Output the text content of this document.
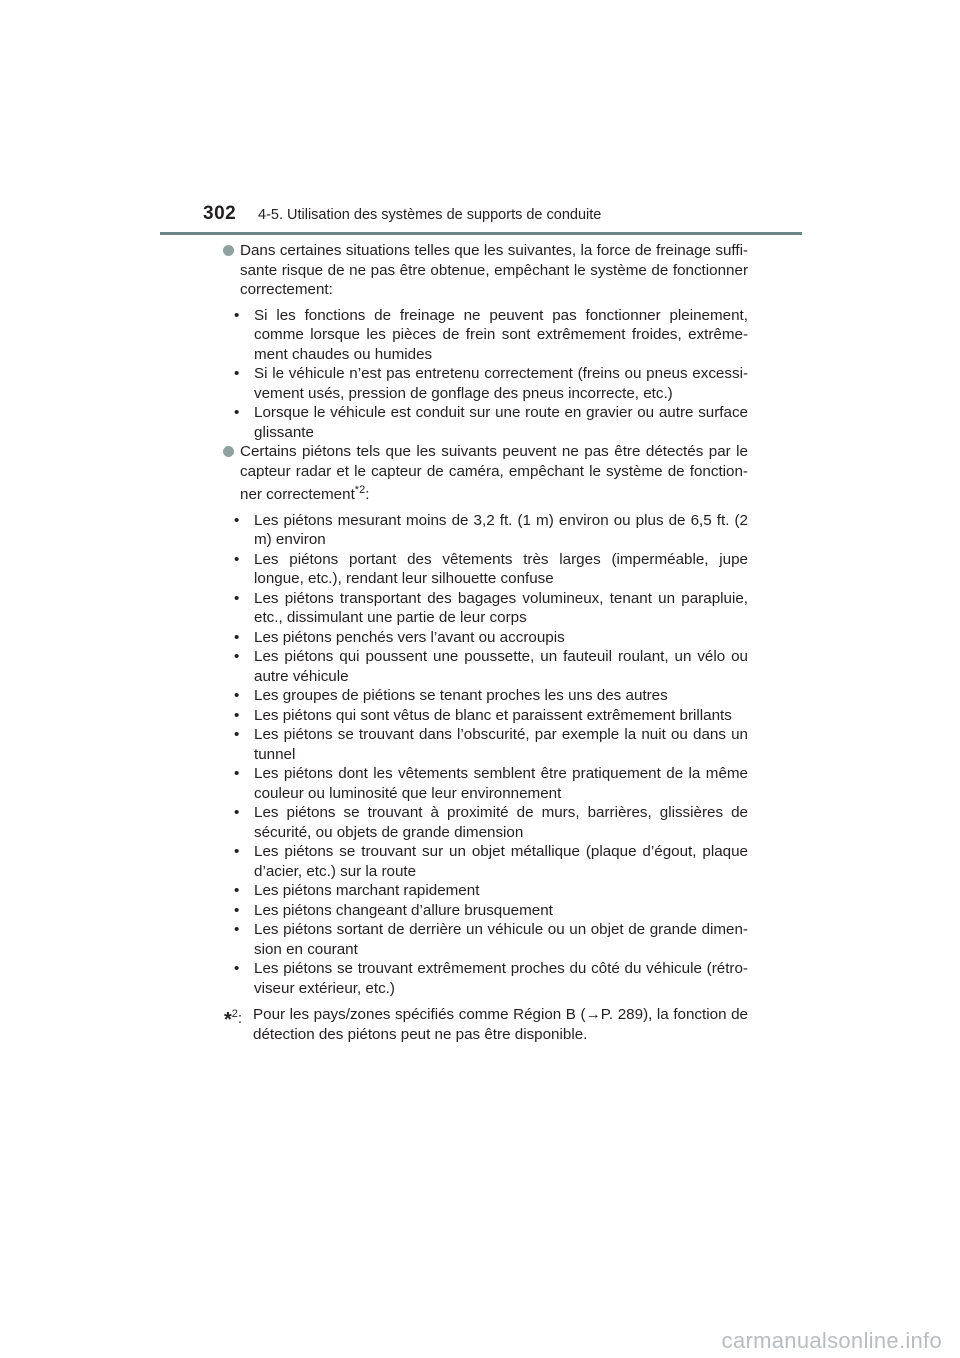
302 4-5. Utilisation des systèmes de supports de conduite

Dans certaines situations telles que les suivantes, la force de freinage suffi-sante risque de ne pas être obtenue, empêchant le système de fonctionner correctement:

• Si les fonctions de freinage ne peuvent pas fonctionner pleinement, comme lorsque les pièces de frein sont extrêmement froides, extrême-ment chaudes ou humides
• Si le véhicule n’est pas entretenu correctement (freins ou pneus excessi-vement usés, pression de gonflage des pneus incorrecte, etc.)
• Lorsque le véhicule est conduit sur une route en gravier ou autre surface glissante

Certains piétons tels que les suivants peuvent ne pas être détectés par le capteur radar et le capteur de caméra, empêchant le système de fonction-ner correctement$^{*2}$:

• Les piétons mesurant moins de 3,2 ft. (1 m) environ ou plus de 6,5 ft. (2 m) environ
• Les piétons portant des vêtements très larges (imperméable, jupe longue, etc.), rendant leur silhouette confuse
• Les piétons transportant des bagages volumineux, tenant un parapluie, etc., dissimulant une partie de leur corps
• Les piétons penchés vers l’avant ou accroupis
• Les piétons qui poussent une poussette, un fauteuil roulant, un vélo ou autre véhicule
• Les groupes de piétions se tenant proches les uns des autres
• Les piétons qui sont vêtus de blanc et paraissent extrêmement brillants
• Les piétons se trouvant dans l’obscurité, par exemple la nuit ou dans un tunnel
• Les piétons dont les vêtements semblent être pratiquement de la même couleur ou luminosité que leur environnement
• Les piétons se trouvant à proximité de murs, barrières, glissières de sécurité, ou objets de grande dimension
• Les piétons se trouvant sur un objet métallique (plaque d’égout, plaque d’acier, etc.) sur la route
• Les piétons marchant rapidement
• Les piétons changeant d’allure brusquement
• Les piétons sortant de derrière un véhicule ou un objet de grande dimen-sion en courant
• Les piétons se trouvant extrêmement proches du côté du véhicule (rétro-viseur extérieur, etc.)
*$^2$: Pour les pays/zones spécifiés comme Région B (→P. 289), la fonction de détection des piétons peut ne pas être disponible.
carmanualsonline.info
